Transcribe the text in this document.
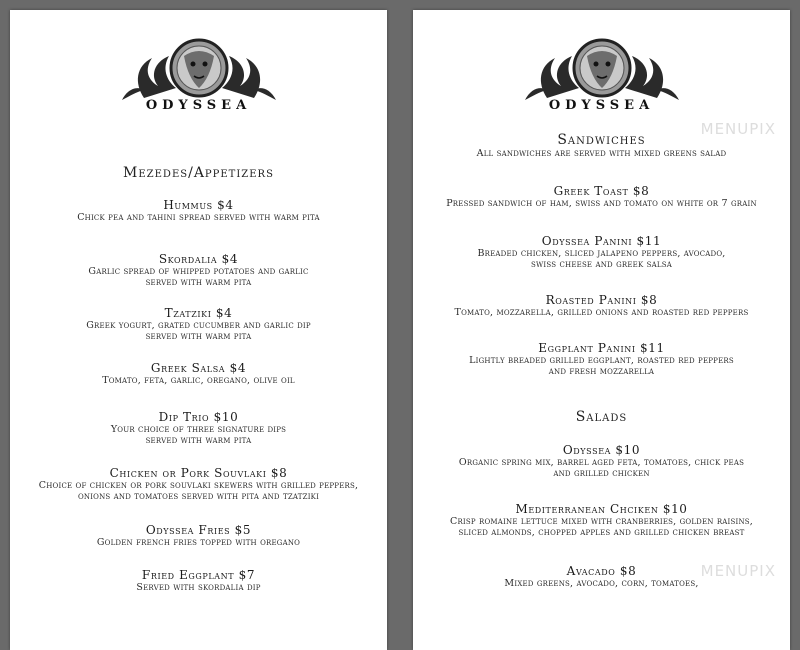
ODYSSEA
Mezedes/Appetizers
Hummus $4
Chick pea and tahini spread served with warm pita
Skordalia $4
Garlic spread of whipped potatoes and garlic
served with warm pita
Tzatziki $4
Greek yogurt, grated cucumber and garlic dip
served with warm pita
Greek Salsa $4
Tomato, feta, garlic, oregano, olive oil
Dip Trio $10
Your choice of three signature dips
served with warm pita
Chicken or Pork Souvlaki $8
Choice of chicken or pork souvlaki skewers with grilled peppers,
onions and tomatoes served with pita and tzatziki
Odyssea Fries $5
Golden french fries topped with oregano
Fried Eggplant $7
Served with skordalia dip
ODYSSEA
Sandwiches
All sandwiches are served with mixed greens salad
Greek Toast $8
Pressed sandwich of ham, swiss and tomato on white or 7 grain
Odyssea Panini $11
Breaded chicken, sliced jalapeno peppers, avocado,
swiss cheese and greek salsa
Roasted Panini $8
Tomato, mozzarella, grilled onions and roasted red peppers
Eggplant Panini $11
Lightly breaded grilled eggplant, roasted red peppers
and fresh mozzarella
Salads
Odyssea $10
Organic spring mix, barrel aged feta, tomatoes, chick peas
and grilled chicken
Mediterranean Chciken $10
Crisp romaine lettuce mixed with cranberries, golden raisins,
sliced almonds, chopped apples and grilled chicken breast
Avacado $8
Mixed greens, avocado, corn, tomatoes,
MENUPIX
MENUPIX
